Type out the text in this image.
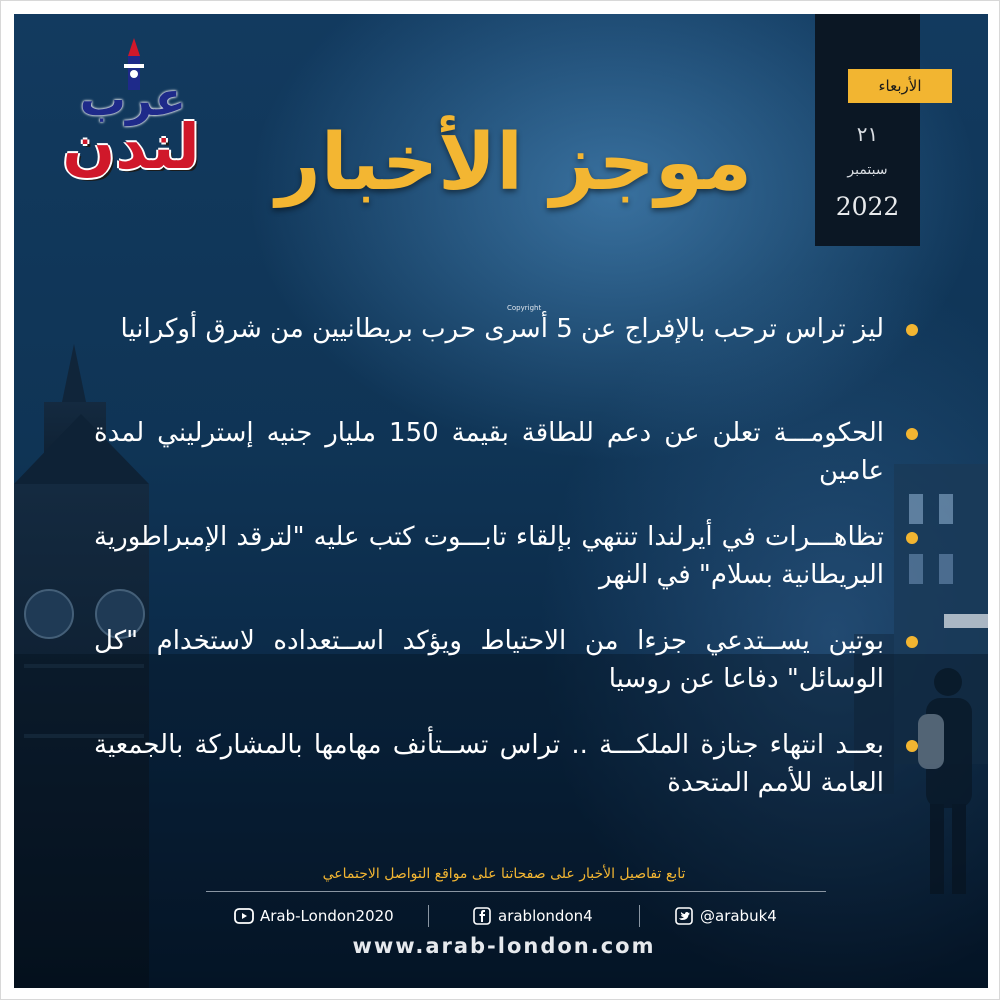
عرب
لندن موجز الأخبار
الأربعاء
٢١
سبتمبر
2022
Copyright
ليز تراس ترحب بالإفراج عن 5 أسرى حرب بريطانيين من شرق أوكرانيا
الحكومـــة تعلن عن دعم للطاقة بقيمة 150 مليار جنيه إسترليني لمدة عامين
تظاهـــرات في أيرلندا تنتهي بإلقاء تابـــوت كتب عليه "لترقد الإمبراطورية البريطانية بسلام" في النهر
بوتين يســتدعي جزءا من الاحتياط ويؤكد اســتعداده لاستخدام "كل الوسائل" دفاعا عن روسيا
بعــد انتهاء جنازة الملكـــة .. تراس تســتأنف مهامها بالمشاركة بالجمعية العامة للأمم المتحدة
تابع تفاصيل الأخبار على صفحاتنا على مواقع التواصل الاجتماعي
Arab-London2020	arablondon4	@arabuk4
www.arab-london.com
